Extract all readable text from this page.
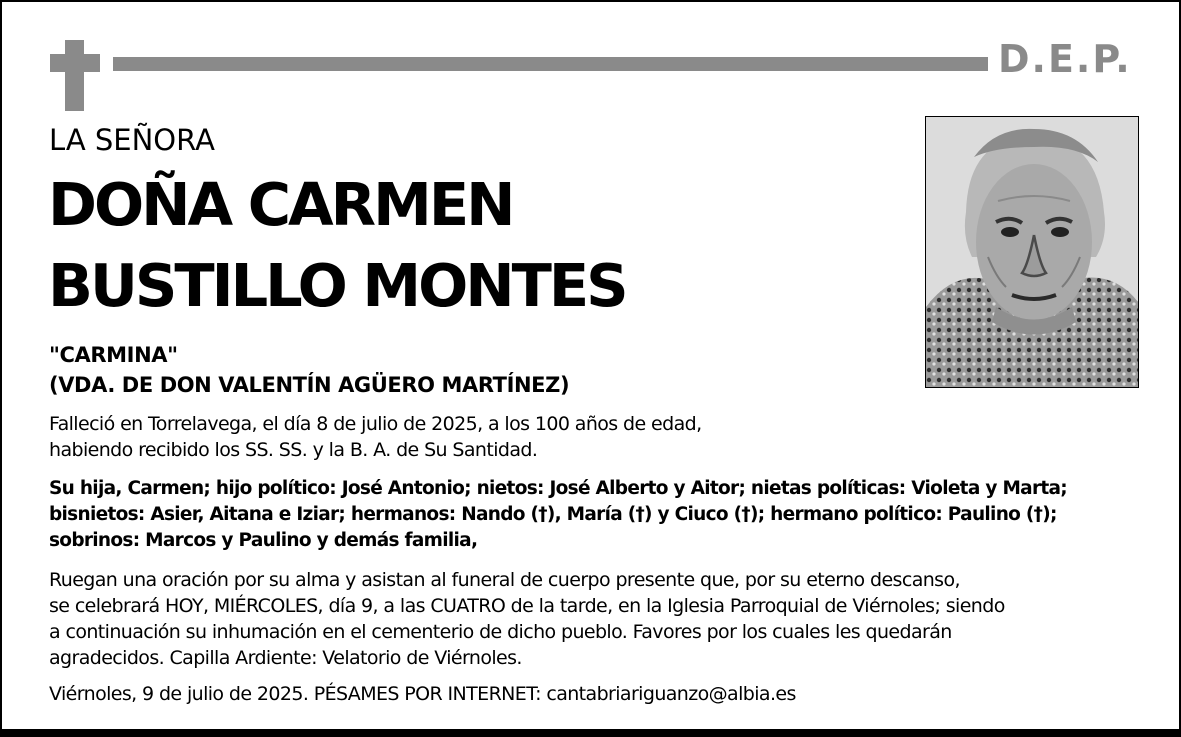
D.E.P.
LA SEÑORA
DOÑA CARMEN
BUSTILLO MONTES
"CARMINA"
(VDA. DE DON VALENTÍN AGÜERO MARTÍNEZ)
Falleció en Torrelavega, el día 8 de julio de 2025, a los 100 años de edad,
habiendo recibido los SS. SS. y la B. A. de Su Santidad.
Su hija, Carmen; hijo político: José Antonio; nietos: José Alberto y Aitor; nietas políticas: Violeta y Marta;
bisnietos: Asier, Aitana e Iziar; hermanos: Nando (†), María (†) y Ciuco (†); hermano político: Paulino (†);
sobrinos: Marcos y Paulino y demás familia,
Ruegan una oración por su alma y asistan al funeral de cuerpo presente que, por su eterno descanso,
se celebrará HOY, MIÉRCOLES, día 9, a las CUATRO de la tarde, en la Iglesia Parroquial de Viérnoles; siendo
a continuación su inhumación en el cementerio de dicho pueblo. Favores por los cuales les quedarán
agradecidos. Capilla Ardiente: Velatorio de Viérnoles.
Viérnoles, 9 de julio de 2025. PÉSAMES POR INTERNET: cantabriariguanzo@albia.es
